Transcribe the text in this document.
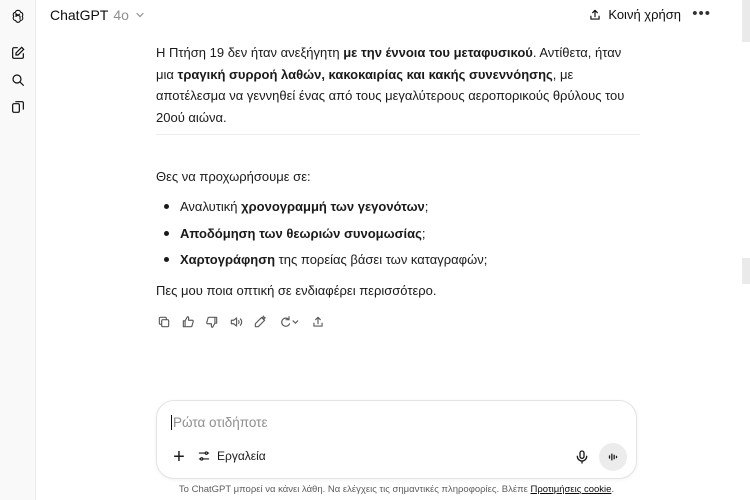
ChatGPT 4o	Κοινή χρήση •••
Η Πτήση 19 δεν ήταν ανεξήγητη με την έννοια του μεταφυσικού. Αντίθετα, ήταν μια τραγική συρροή λαθών, κακοκαιρίας και κακής συνεννόησης, με αποτέλεσμα να γεννηθεί ένας από τους μεγαλύτερους αεροπορικούς θρύλους του 20ού αιώνα.
Θες να προχωρήσουμε σε:
Αναλυτική χρονογραμμή των γεγονότων;
Αποδόμηση των θεωριών συνομωσίας;
Χαρτογράφηση της πορείας βάσει των καταγραφών;
Πες μου ποια οπτική σε ενδιαφέρει περισσότερο.
Ρώτα οτιδήποτε
+	Εργαλεία
Το ChatGPT μπορεί να κάνει λάθη. Να ελέγχεις τις σημαντικές πληροφορίες. Βλέπε Προτιμήσεις cookie.
